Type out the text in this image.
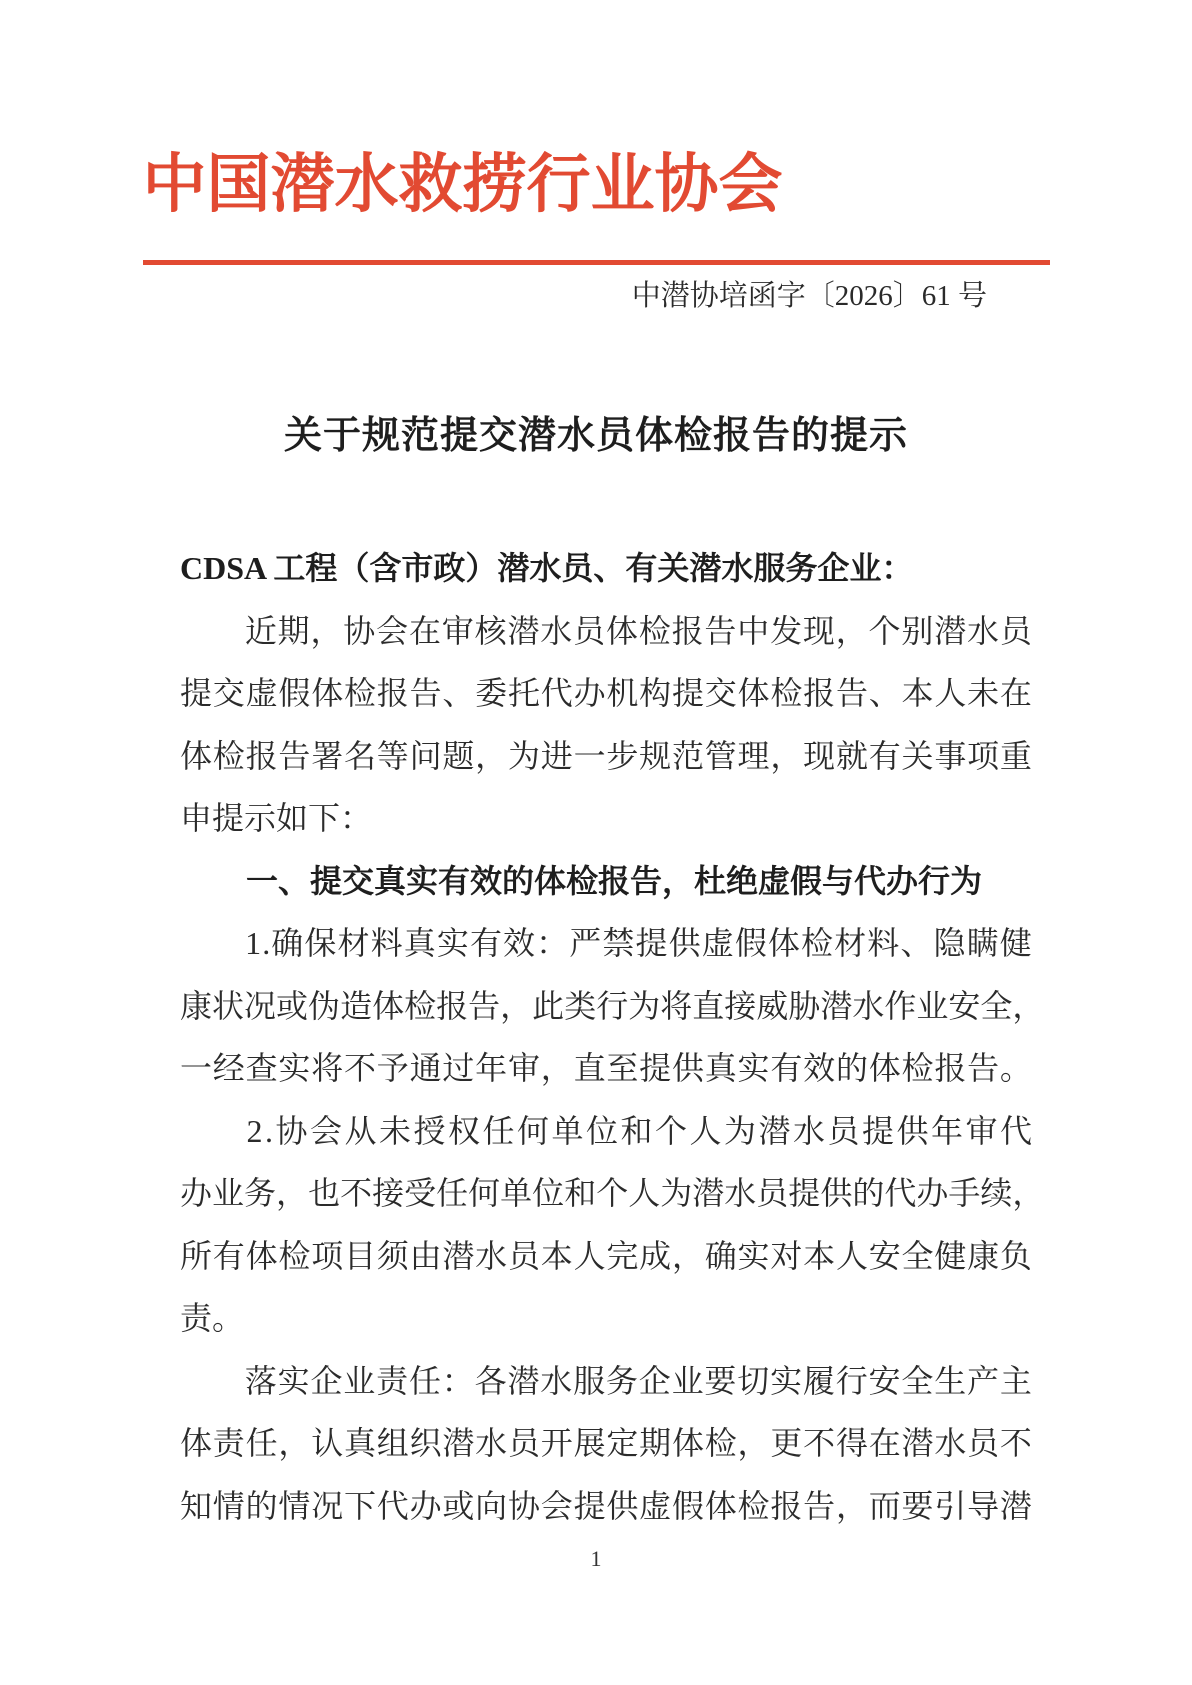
中国潜水救捞行业协会
中潜协培函字〔2026〕61 号
关于规范提交潜水员体检报告的提示
CDSA 工程（含市政）潜水员、有关潜水服务企业：
近 期 ， 协 会 在 审 核 潜 水 员 体 检 报 告 中 发 现 ， 个 别 潜 水 员
提 交 虚 假 体 检 报 告 、 委 托 代 办 机 构 提 交 体 检 报 告 、 本 人 未 在
体 检 报 告 署 名 等 问 题 ， 为 进 一 步 规 范 管 理 ， 现 就 有 关 事 项 重
申提示如下：
一、提交真实有效的体检报告，杜绝虚假与代办行为
1 . 确 保 材 料 真 实 有 效 ： 严 禁 提 供 虚 假 体 检 材 料 、 隐 瞒 健
康 状 况 或 伪 造 体 检 报 告 ， 此 类 行 为 将 直 接 威 胁 潜 水 作 业 安 全 ，
一 经 查 实 将 不 予 通 过 年 审 ， 直 至 提 供 真 实 有 效 的 体 检 报 告 。
2 . 协 会 从 未 授 权 任 何 单 位 和 个 人 为 潜 水 员 提 供 年 审 代
办 业 务 ， 也 不 接 受 任 何 单 位 和 个 人 为 潜 水 员 提 供 的 代 办 手 续 ，
所 有 体 检 项 目 须 由 潜 水 员 本 人 完 成 ， 确 实 对 本 人 安 全 健 康 负
责。
落 实 企 业 责 任 ： 各 潜 水 服 务 企 业 要 切 实 履 行 安 全 生 产 主
体 责 任 ， 认 真 组 织 潜 水 员 开 展 定 期 体 检 ， 更 不 得 在 潜 水 员 不
知 情 的 情 况 下 代 办 或 向 协 会 提 供 虚 假 体 检 报 告 ， 而 要 引 导 潜
1
